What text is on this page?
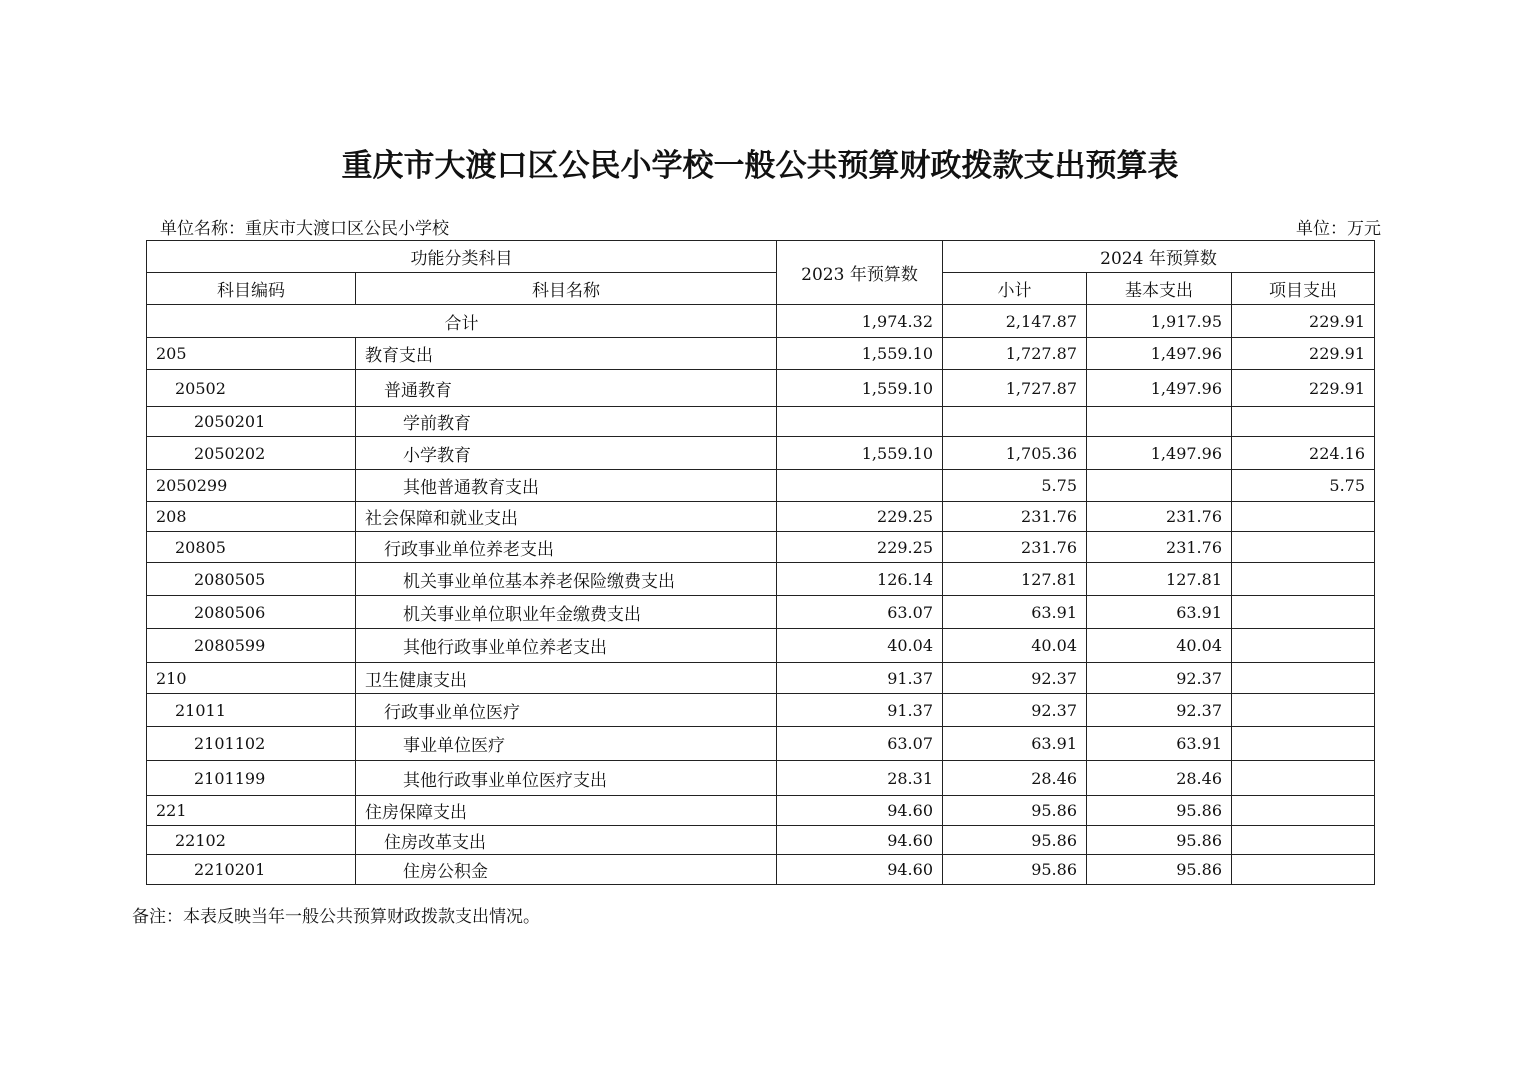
重庆市大渡口区公民小学校一般公共预算财政拨款支出预算表
单位名称：重庆市大渡口区公民小学校	单位：万元
功能分类科目		2023 年预算数	2024 年预算数		
科目编码	科目名称		小计	基本支出	项目支出
合计		1,974.32	2,147.87	1,917.95	229.91
205	教育支出	1,559.10	1,727.87	1,497.96	229.91
20502	普通教育	1,559.10	1,727.87	1,497.96	229.91
2050201	学前教育				
2050202	小学教育	1,559.10	1,705.36	1,497.96	224.16
2050299	其他普通教育支出		5.75		5.75
208	社会保障和就业支出	229.25	231.76	231.76	
20805	行政事业单位养老支出	229.25	231.76	231.76	
2080505	机关事业单位基本养老保险缴费支出	126.14	127.81	127.81	
2080506	机关事业单位职业年金缴费支出	63.07	63.91	63.91	
2080599	其他行政事业单位养老支出	40.04	40.04	40.04	
210	卫生健康支出	91.37	92.37	92.37	
21011	行政事业单位医疗	91.37	92.37	92.37	
2101102	事业单位医疗	63.07	63.91	63.91	
2101199	其他行政事业单位医疗支出	28.31	28.46	28.46	
221	住房保障支出	94.60	95.86	95.86	
22102	住房改革支出	94.60	95.86	95.86	
2210201	住房公积金	94.60	95.86	95.86	
备注：本表反映当年一般公共预算财政拨款支出情况。
